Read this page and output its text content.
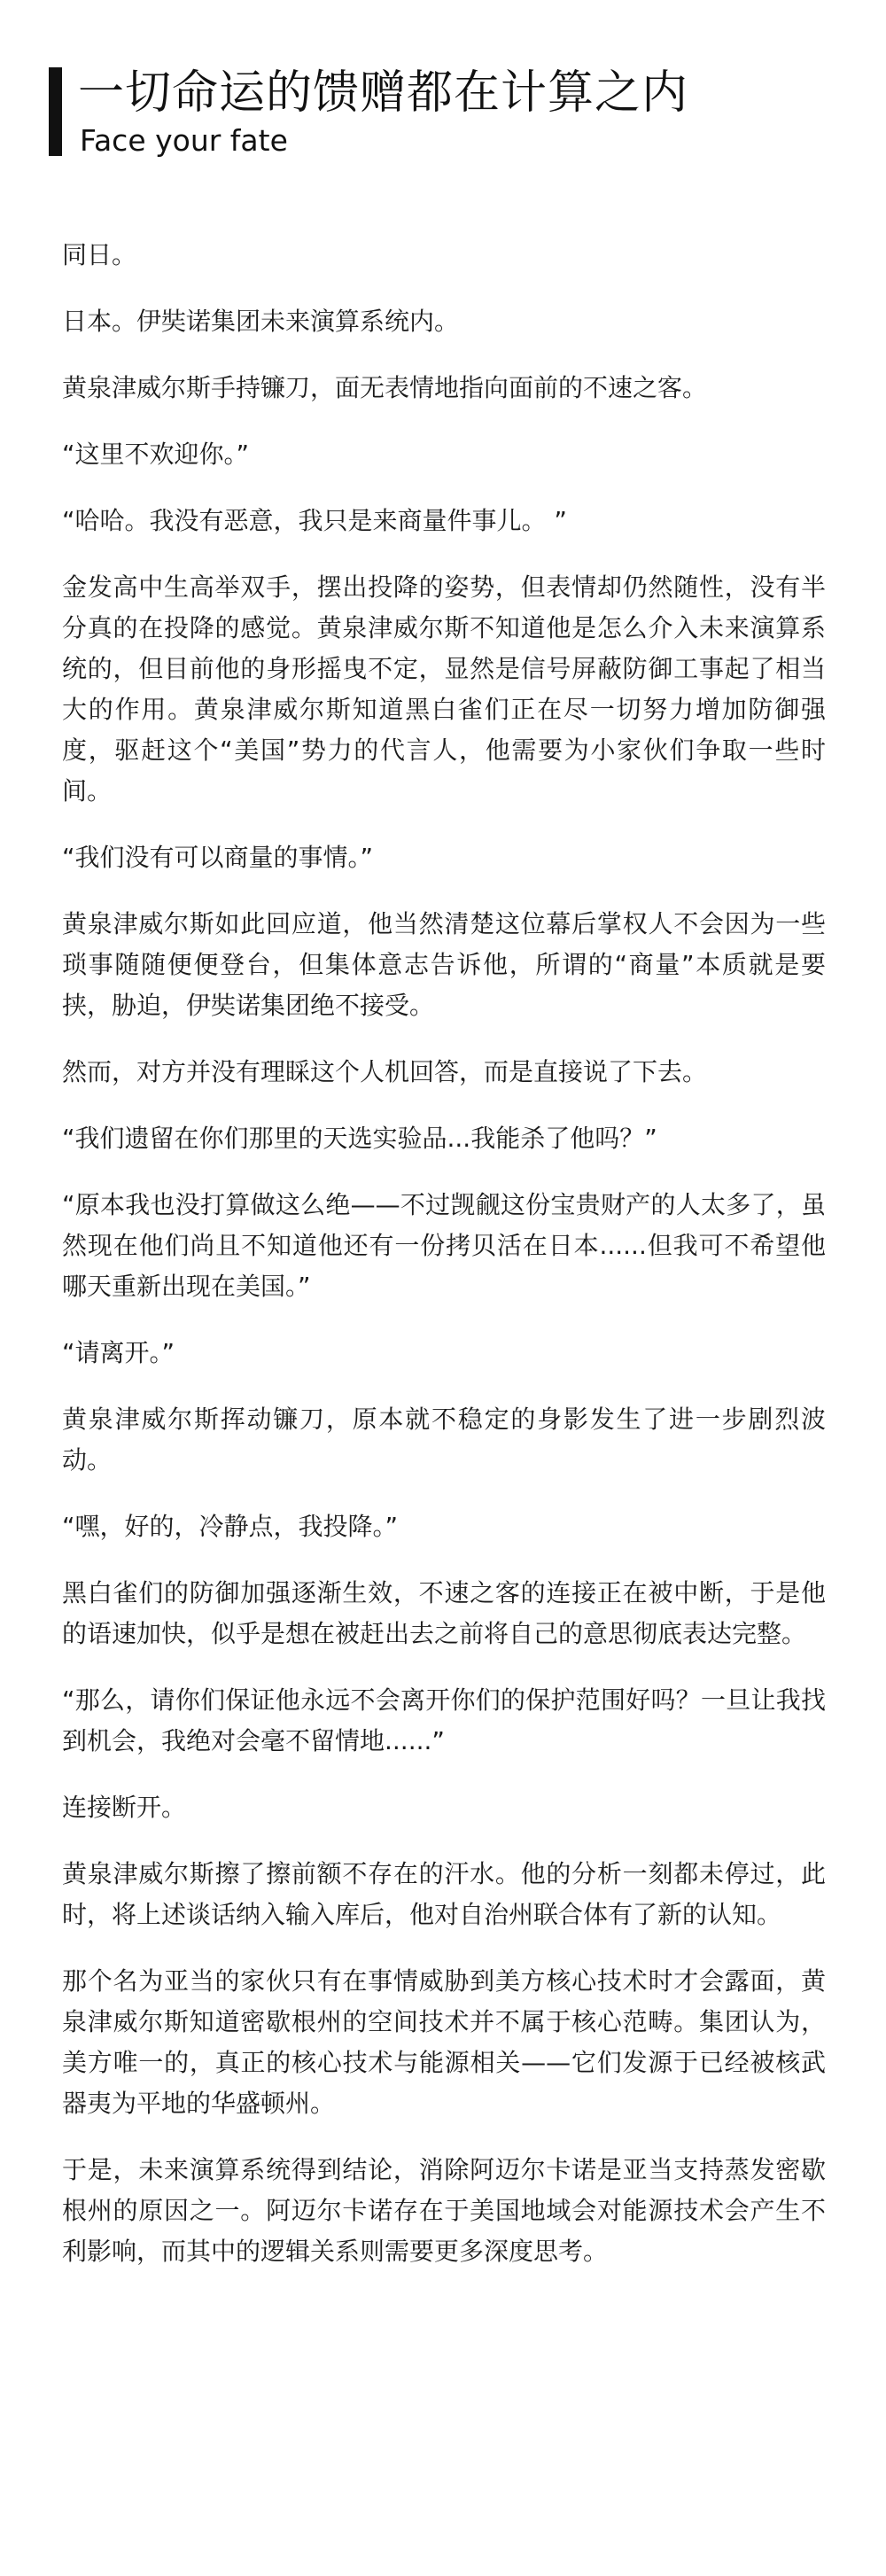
一切命运的馈赠都在计算之内
Face your fate

同日。

日本。伊奘诺集团未来演算系统内。

黄泉津威尔斯手持镰刀，面无表情地指向面前的不速之客。

“这里不欢迎你。”

“哈哈。我没有恶意，我只是来商量件事儿。 ”

金发高中生高举双手，摆出投降的姿势，但表情却仍然随性，没有半分真的在投降的感觉。黄泉津威尔斯不知道他是怎么介入未来演算系统的，但目前他的身形摇曳不定，显然是信号屏蔽防御工事起了相当大的作用。黄泉津威尔斯知道黑白雀们正在尽一切努力增加防御强度，驱赶这个“美国”势力的代言人，他需要为小家伙们争取一些时间。

“我们没有可以商量的事情。”

黄泉津威尔斯如此回应道，他当然清楚这位幕后掌权人不会因为一些琐事随随便便登台，但集体意志告诉他，所谓的“商量”本质就是要挟，胁迫，伊奘诺集团绝不接受。

然而，对方并没有理睬这个人机回答，而是直接说了下去。

“我们遗留在你们那里的天选实验品...我能杀了他吗？”

“原本我也没打算做这么绝——不过觊觎这份宝贵财产的人太多了，虽然现在他们尚且不知道他还有一份拷贝活在日本......但我可不希望他哪天重新出现在美国。”

“请离开。”

黄泉津威尔斯挥动镰刀，原本就不稳定的身影发生了进一步剧烈波动。

“嘿，好的，冷静点，我投降。”

黑白雀们的防御加强逐渐生效，不速之客的连接正在被中断，于是他的语速加快，似乎是想在被赶出去之前将自己的意思彻底表达完整。

“那么，请你们保证他永远不会离开你们的保护范围好吗？一旦让我找到机会，我绝对会毫不留情地......”

连接断开。

黄泉津威尔斯擦了擦前额不存在的汗水。他的分析一刻都未停过，此时，将上述谈话纳入输入库后，他对自治州联合体有了新的认知。

那个名为亚当的家伙只有在事情威胁到美方核心技术时才会露面，黄泉津威尔斯知道密歇根州的空间技术并不属于核心范畴。集团认为，美方唯一的，真正的核心技术与能源相关——它们发源于已经被核武器夷为平地的华盛顿州。

于是，未来演算系统得到结论，消除阿迈尔卡诺是亚当支持蒸发密歇根州的原因之一。阿迈尔卡诺存在于美国地域会对能源技术会产生不利影响，而其中的逻辑关系则需要更多深度思考。
